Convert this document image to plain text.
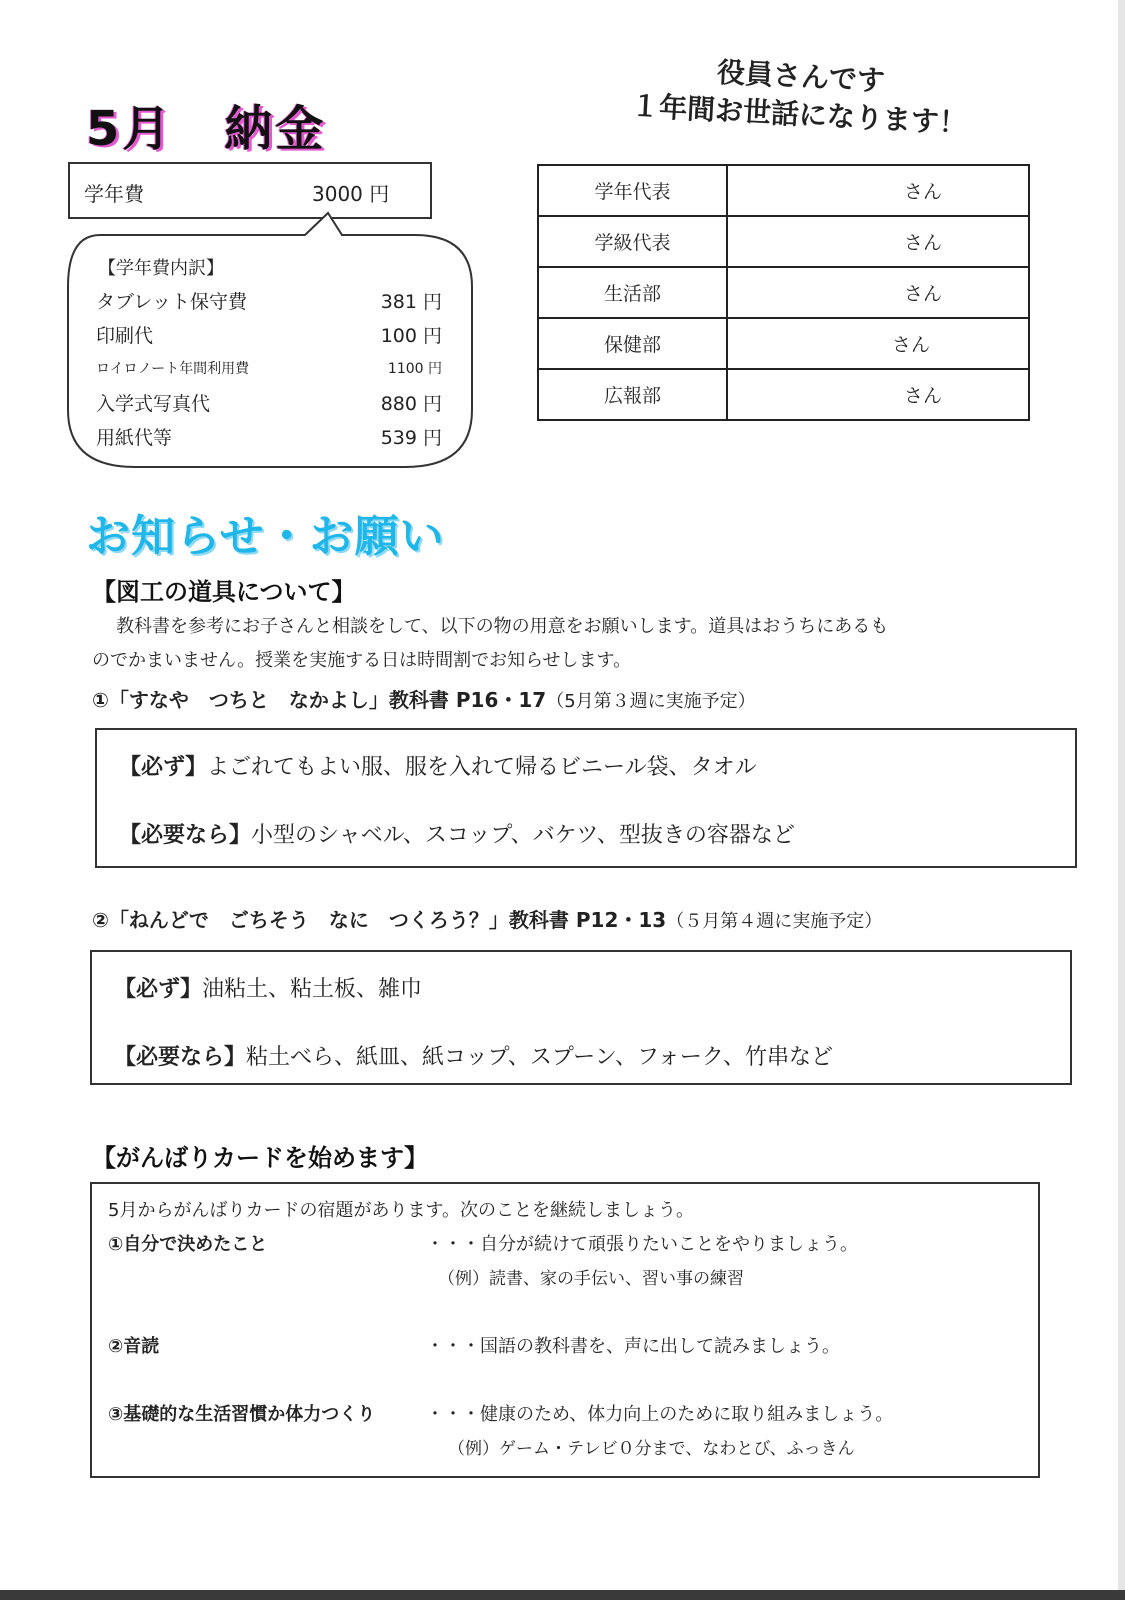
5月　納金
学年費	3000 円
【学年費内訳】
タブレット保守費	381 円
印刷代	100 円
ロイロノート年間利用費	1100 円
入学式写真代	880 円
用紙代等	539 円
役員さんです
１年間お世話になります！
学年代表	さん
学級代表	さん
生活部	さん
保健部	さん
広報部	さん
お知らせ・お願い
【図工の道具について】
教科書を参考にお子さんと相談をして、以下の物の用意をお願いします。道具はおうちにあるも
のでかまいません。授業を実施する日は時間割でお知らせします。
①「すなや　つちと　なかよし」教科書 P16・17（5月第３週に実施予定）
【必ず】よごれてもよい服、服を入れて帰るビニール袋、タオル
【必要なら】小型のシャベル、スコップ、バケツ、型抜きの容器など
②「ねんどで　ごちそう　なに　つくろう？」教科書 P12・13（５月第４週に実施予定）
【必ず】油粘土、粘土板、雑巾
【必要なら】粘土べら、紙皿、紙コップ、スプーン、フォーク、竹串など
【がんばりカードを始めます】
5月からがんばりカードの宿題があります。次のことを継続しましょう。
①自分で決めたこと	・・・自分が続けて頑張りたいことをやりましょう。
（例）読書、家の手伝い、習い事の練習
②音読	・・・国語の教科書を、声に出して読みましょう。
③基礎的な生活習慣か体力つくり	・・・健康のため、体力向上のために取り組みましょう。
（例）ゲーム・テレビ０分まで、なわとび、ふっきん
